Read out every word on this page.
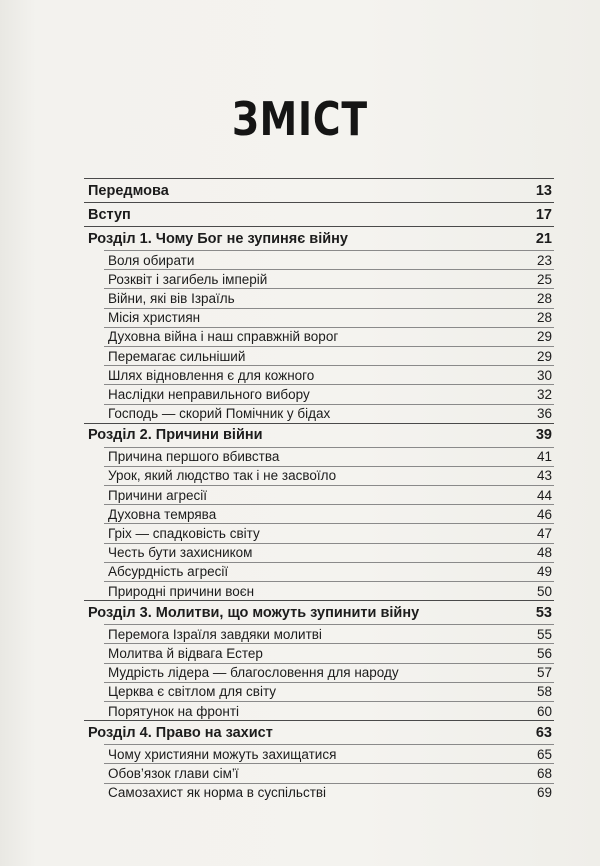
ЗМІСТ
Передмова	13
Вступ	17
Розділ 1. Чому Бог не зупиняє війну	21
Воля обирати	23
Розквіт і загибель імперій	25
Війни, які вів Ізраїль	28
Місія християн	28
Духовна війна і наш справжній ворог	29
Перемагає сильніший	29
Шлях відновлення є для кожного	30
Наслідки неправильного вибору	32
Господь — скорий Помічник у бідах	36
Розділ 2. Причини війни	39
Причина першого вбивства	41
Урок, який людство так і не засвоїло	43
Причини агресії	44
Духовна темрява	46
Гріх — спадковість світу	47
Честь бути захисником	48
Абсурдність агресії	49
Природні причини воєн	50
Розділ 3. Молитви, що можуть зупинити війну	53
Перемога Ізраїля завдяки молитві	55
Молитва й відвага Естер	56
Мудрість лідера — благословення для народу	57
Церква є світлом для світу	58
Порятунок на фронті	60
Розділ 4. Право на захист	63
Чому християни можуть захищатися	65
Обов’язок глави сім’ї	68
Самозахист як норма в суспільстві	69
